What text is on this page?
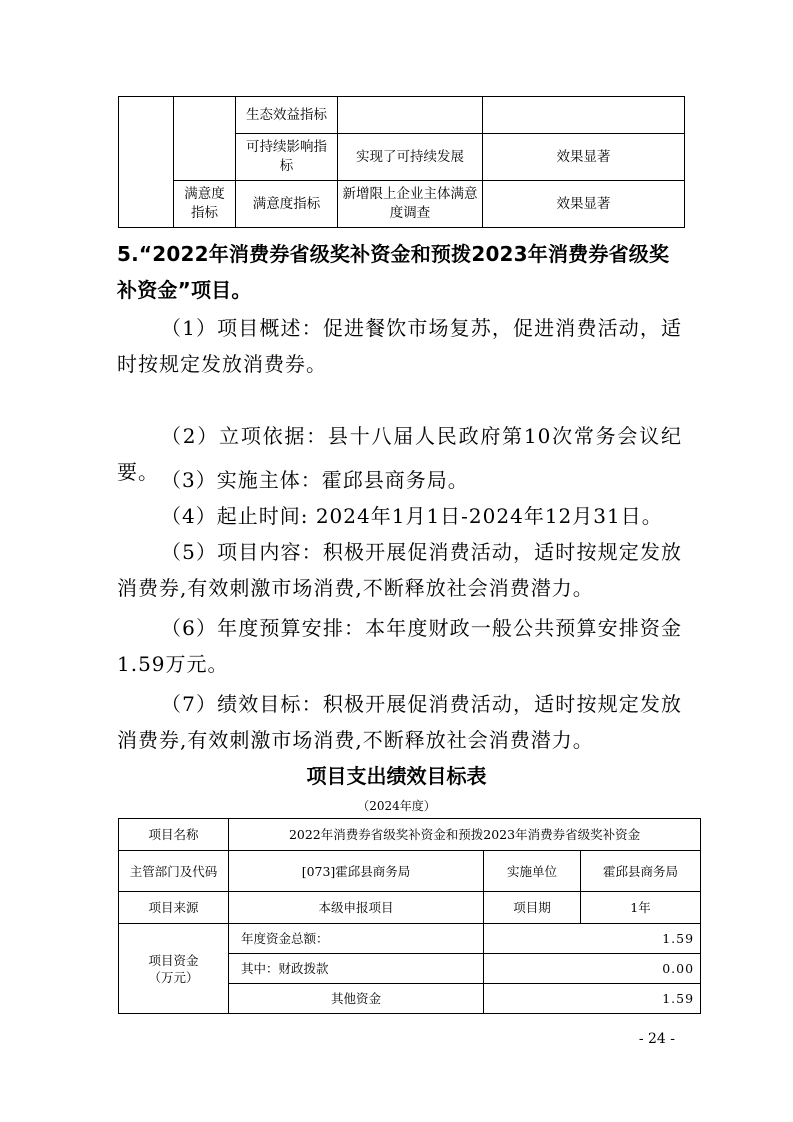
		生态效益指标		
		可持续影响指标	实现了可持续发展	效果显著
	满意度指标	满意度指标	新增限上企业主体满意度调查	效果显著
5.“2022年消费券省级奖补资金和预拨2023年消费券省级奖补资金”项目。
（1）项目概述：促进餐饮市场复苏，促进消费活动，适时按规定发放消费券。
（2）立项依据：县十八届人民政府第10次常务会议纪要。 （3）实施主体：霍邱县商务局。
（4）起止时间: 2024年1月1日-2024年12月31日。
（5）项目内容：积极开展促消费活动，适时按规定发放消费券,有效刺激市场消费,不断释放社会消费潜力。
（6）年度预算安排：本年度财政一般公共预算安排资金1.59万元。
（7）绩效目标：积极开展促消费活动，适时按规定发放消费券,有效刺激市场消费,不断释放社会消费潜力。
项目支出绩效目标表
（2024年度）
项目名称	2022年消费券省级奖补资金和预拨2023年消费券省级奖补资金		
主管部门及代码	[073]霍邱县商务局	实施单位	霍邱县商务局
项目来源	本级申报项目	项目期	1年
项目资金（万元）	年度资金总额：	1.59	
	其中：财政拨款	0.00	
	其他资金	1.59	
- 24 -
